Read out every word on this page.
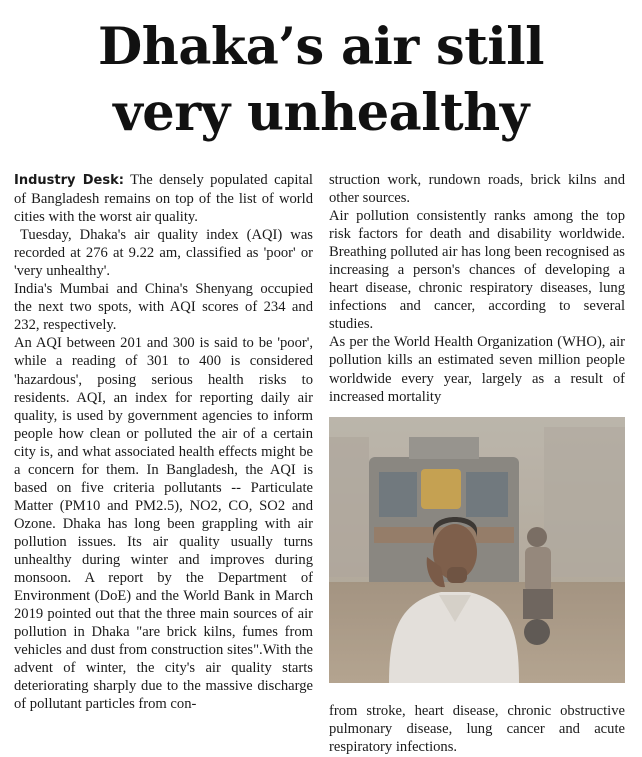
Dhaka’s air still
very unhealthy

Industry Desk: The densely populated capital of Bangladesh remains on top of the list of world cities with the worst air quality.

Tuesday, Dhaka's air quality index (AQI) was recorded at 276 at 9.22 am, classified as 'poor' or 'very unhealthy'.

India's Mumbai and China's Shenyang occupied the next two spots, with AQI scores of 234 and 232, respectively.

An AQI between 201 and 300 is said to be 'poor', while a reading of 301 to 400 is considered 'hazardous', posing serious health risks to residents. AQI, an index for reporting daily air quality, is used by government agencies to inform people how clean or polluted the air of a certain city is, and what associated health effects might be a concern for them. In Bangladesh, the AQI is based on five criteria pollutants -- Particulate Matter (PM10 and PM2.5), NO2, CO, SO2 and Ozone. Dhaka has long been grappling with air pollution issues. Its air quality usually turns unhealthy during winter and improves during monsoon. A report by the Department of Environment (DoE) and the World Bank in March 2019 pointed out that the three main sources of air pollution in Dhaka "are brick kilns, fumes from vehicles and dust from construction sites".With the advent of winter, the city's air quality starts deteriorating sharply due to the massive discharge of pollutant particles from con-

struction work, rundown roads, brick kilns and other sources.

Air pollution consistently ranks among the top risk factors for death and disability worldwide. Breathing polluted air has long been recognised as increasing a person's chances of developing a heart disease, chronic respiratory diseases, lung infections and cancer, according to several studies.

As per the World Health Organization (WHO), air pollution kills an estimated seven million people worldwide every year, largely as a result of increased mortality

from stroke, heart disease, chronic obstructive pulmonary disease, lung cancer and acute respiratory infections.
